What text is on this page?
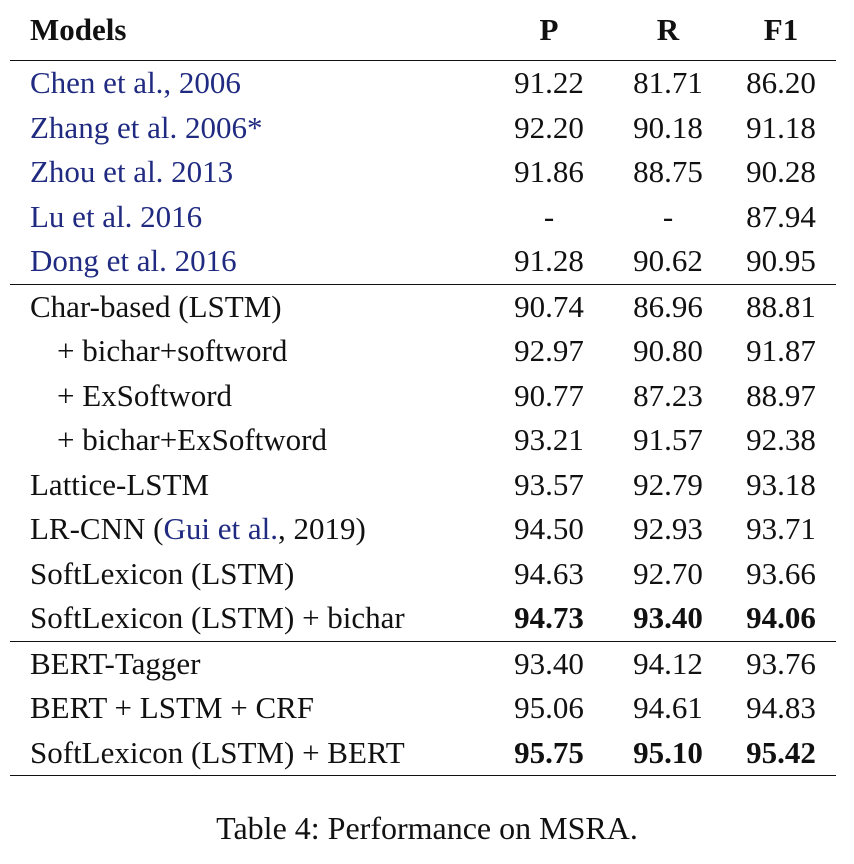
Models	P	R	F1
Chen et al., 2006	91.22	81.71	86.20
Zhang et al. 2006*	92.20	90.18	91.18
Zhou et al. 2013	91.86	88.75	90.28
Lu et al. 2016	-	-	87.94
Dong et al. 2016	91.28	90.62	90.95
Char-based (LSTM)	90.74	86.96	88.81
+ bichar+softword	92.97	90.80	91.87
+ ExSoftword	90.77	87.23	88.97
+ bichar+ExSoftword	93.21	91.57	92.38
Lattice-LSTM	93.57	92.79	93.18
LR-CNN (Gui et al., 2019)	94.50	92.93	93.71
SoftLexicon (LSTM)	94.63	92.70	93.66
SoftLexicon (LSTM) + bichar	94.73	93.40	94.06
BERT-Tagger	93.40	94.12	93.76
BERT + LSTM + CRF	95.06	94.61	94.83
SoftLexicon (LSTM) + BERT	95.75	95.10	95.42
Table 4: Performance on MSRA.
